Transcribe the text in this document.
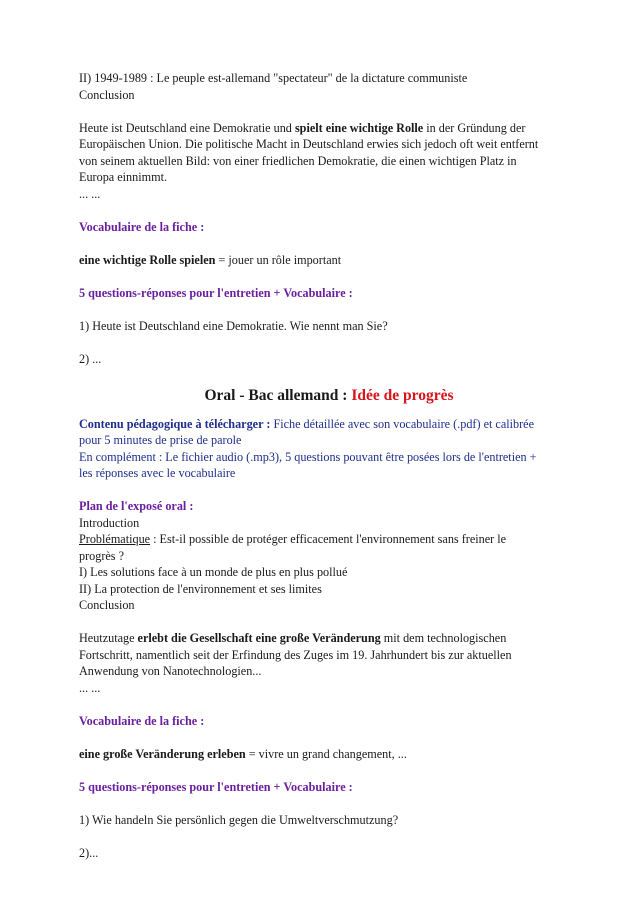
II) 1949-1989 : Le peuple est-allemand "spectateur" de la dictature communiste
Conclusion
Heute ist Deutschland eine Demokratie und spielt eine wichtige Rolle in der Gründung der
Europäischen Union. Die politische Macht in Deutschland erwies sich jedoch oft weit entfernt
von seinem aktuellen Bild: von einer friedlichen Demokratie, die einen wichtigen Platz in
Europa einnimmt.
... ...
Vocabulaire de la fiche :
eine wichtige Rolle spielen = jouer un rôle important
5 questions-réponses pour l'entretien + Vocabulaire :
1) Heute ist Deutschland eine Demokratie. Wie nennt man Sie?
2) ...
Oral - Bac allemand : Idée de progrès
Contenu pédagogique à télécharger : Fiche détaillée avec son vocabulaire (.pdf) et calibrée
pour 5 minutes de prise de parole
En complément : Le fichier audio (.mp3), 5 questions pouvant être posées lors de l'entretien +
les réponses avec le vocabulaire
Plan de l'exposé oral :
Introduction
Problématique : Est-il possible de protéger efficacement l'environnement sans freiner le
progrès ?
I) Les solutions face à un monde de plus en plus pollué
II) La protection de l'environnement et ses limites
Conclusion
Heutzutage erlebt die Gesellschaft eine große Veränderung mit dem technologischen
Fortschritt, namentlich seit der Erfindung des Zuges im 19. Jahrhundert bis zur aktuellen
Anwendung von Nanotechnologien...
... ...
Vocabulaire de la fiche :
eine große Veränderung erleben = vivre un grand changement, ...
5 questions-réponses pour l'entretien + Vocabulaire :
1) Wie handeln Sie persönlich gegen die Umweltverschmutzung?
2)...
